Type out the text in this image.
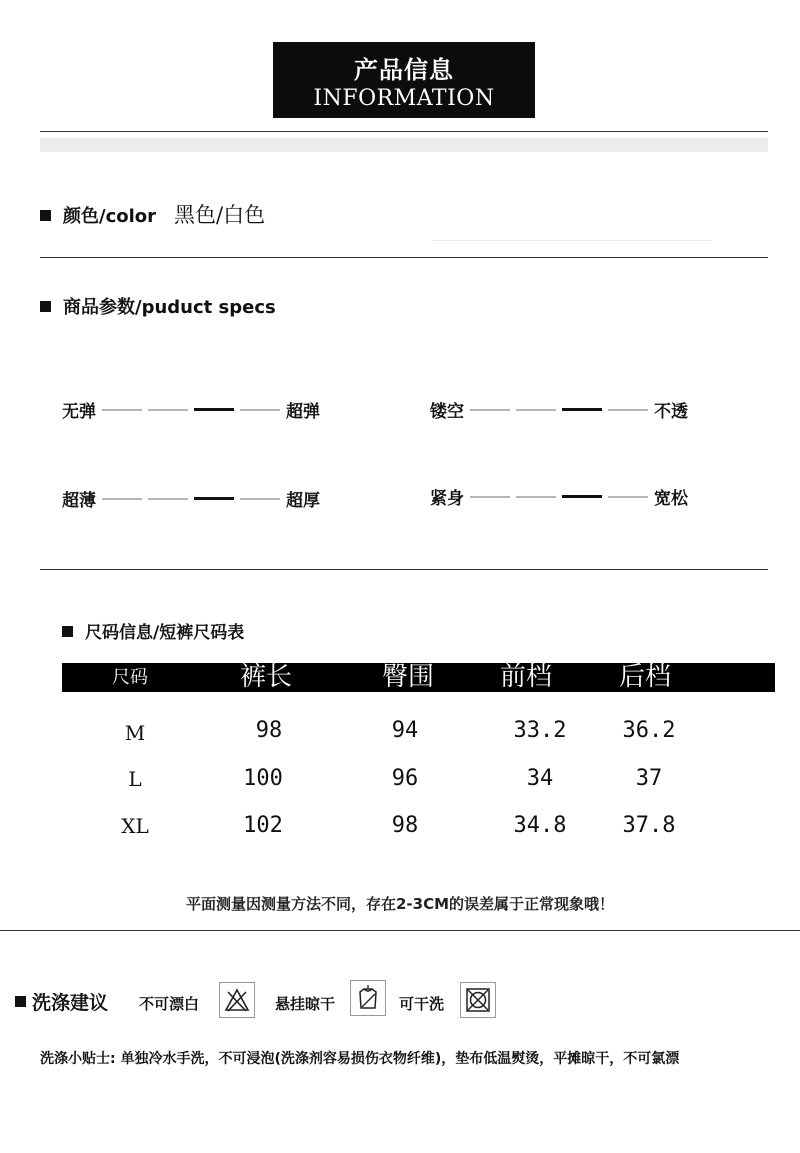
产品信息
INFORMATION
颜色/color 黑色/白色
商品参数/puduct specs
无弹	超弹	镂空	不透
超薄	超厚	紧身	宽松
尺码信息/短裤尺码表
尺码	裤长	臀围	前档	后档
M	98	94	33.2	36.2
L	100	96	34	37
XL	102	98	34.8	37.8
平面测量因测量方法不同，存在2-3CM的误差属于正常现象哦！
洗涤建议 不可漂白	悬挂晾干	可干洗
洗涤小贴士: 单独冷水手洗，不可浸泡(洗涤剂容易损伤衣物纤维)，垫布低温熨烫，平摊晾干，不可氯漂
